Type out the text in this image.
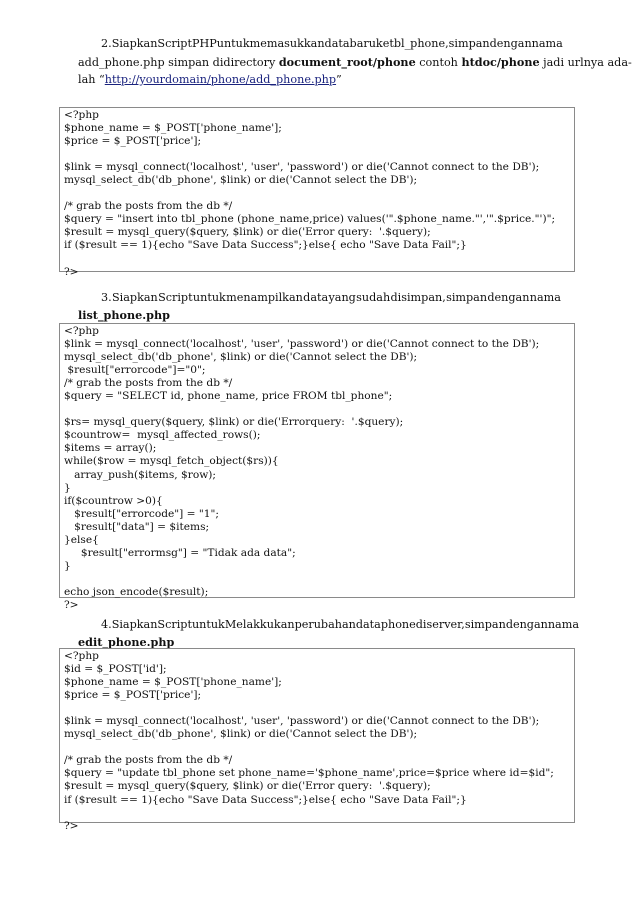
2. Siapkan Script PHP untuk memasukkan data baru ke tbl_phone, simpan dengan nama
add_phone.php simpan didirectory document_root/phone contoh htdoc/phone jadi urlnya ada-
lah “http://yourdomain/phone/add_phone.php”
<?php
$phone_name = $_POST['phone_name'];
$price = $_POST['price'];
$link = mysql_connect('localhost', 'user', 'password') or die('Cannot connect to the DB');
mysql_select_db('db_phone', $link) or die('Cannot select the DB');
/* grab the posts from the db */
$query = "insert into tbl_phone (phone_name,price) values('".$phone_name."','".$price."')";
$result = mysql_query($query, $link) or die('Error query:  '.$query);
if ($result == 1){echo "Save Data Success";}else{ echo "Save Data Fail";}
?>
3. Siapkan Script untuk menampilkan data yang sudah disimpan, simpan dengan nama
list_phone.php
<?php
$link = mysql_connect('localhost', 'user', 'password') or die('Cannot connect to the DB');
mysql_select_db('db_phone', $link) or die('Cannot select the DB');
$result["errorcode"]="0";
/* grab the posts from the db */
$query = "SELECT id, phone_name, price FROM tbl_phone";
$rs= mysql_query($query, $link) or die('Errorquery:  '.$query);
$countrow=  mysql_affected_rows();
$items = array();
while($row = mysql_fetch_object($rs)){
array_push($items, $row);
}
if($countrow >0){
$result["errorcode"] = "1";
$result["data"] = $items;
}else{
$result["errormsg"] = "Tidak ada data";
}
echo json_encode($result);
?>
4. Siapkan Script untuk Melakkukan perubahan data phone diserver, simpan dengan nama
edit_phone.php
<?php
$id = $_POST['id'];
$phone_name = $_POST['phone_name'];
$price = $_POST['price'];
$link = mysql_connect('localhost', 'user', 'password') or die('Cannot connect to the DB');
mysql_select_db('db_phone', $link) or die('Cannot select the DB');
/* grab the posts from the db */
$query = "update tbl_phone set phone_name='$phone_name',price=$price where id=$id";
$result = mysql_query($query, $link) or die('Error query:  '.$query);
if ($result == 1){echo "Save Data Success";}else{ echo "Save Data Fail";}
?>
